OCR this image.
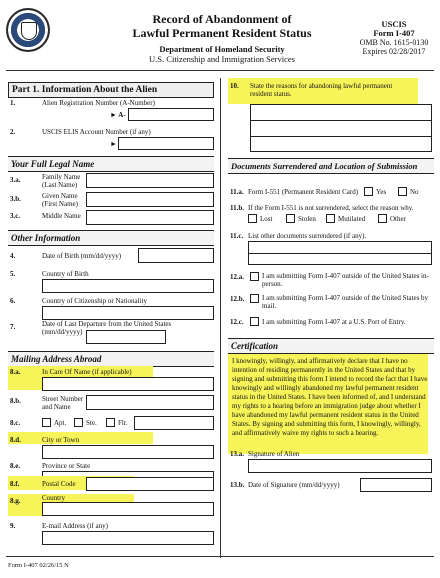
Record of Abandonment of
Lawful Permanent Resident Status
Department of Homeland Security
U.S. Citizenship and Immigration Services
USCIS
Form I-407
OMB No. 1615-0130
Expires 02/28/2017
Part 1. Information About the Alien
1.	Alien Registration Number (A-Number)
► A-
2.	USCIS ELIS Account Number (if any)
►
Your Full Legal Name
3.a.	Family Name (Last Name)
3.b.	Given Name (First Name)
3.c.	Middle Name
Other Information
4.	Date of Birth (mm/dd/yyyy)
5.	Country of Birth
6.	Country of Citizenship or Nationality
7.	Date of Last Departure from the United States (mm/dd/yyyy)
Mailing Address Abroad
8.a.	In Care Of Name (if applicable)
8.b.	Street Number and Name
8.c.	Apt.	Ste.	Flr.
8.d.	City or Town
8.e.	Province or State
8.f.	Postal Code
8.g.	Country
9.	E-mail Address (if any)
10. State the reasons for abandoning lawful permanent resident status.
Documents Surrendered and Location of Submission
11.a. Form I-551 (Permanent Resident Card)	Yes	No
11.b. If the Form I-551 is not surrendered, select the reason why.
Lost	Stolen	Mutilated	Other
11.c. List other documents surrendered (if any).
12.a.	I am submitting Form I-407 outside of the United States in-person.
12.b.	I am submitting Form I-407 outside of the United States by mail.
12.c.	I am submitting Form I-407 at a U.S. Port of Entry.
Certification
I knowingly, willingly, and affirmatively declare that I have no intention of residing permanently in the United States and that by signing and submitting this form I intend to record the fact that I have knowingly and willingly abandoned my lawful permanent resident status in the United States. I have been informed of, and I understand my rights to a hearing before an immigration judge about whether I have abandoned my lawful permanent resident status in the United States. By signing and submitting this form, I knowingly, willingly, and affirmatively waive my rights to such a hearing.
13.a. Signature of Alien
13.b. Date of Signature (mm/dd/yyyy)
Form I-407 02/26/15 N
